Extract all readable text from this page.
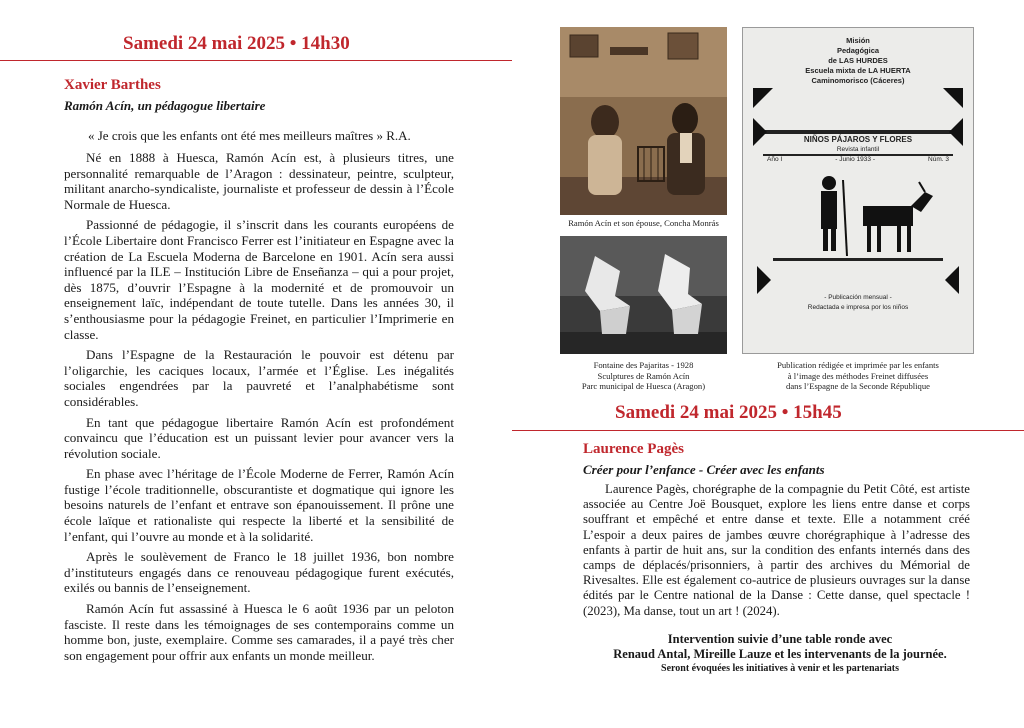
Samedi 24 mai 2025 • 14h30
Xavier Barthes
Ramón Acín, un pédagogue libertaire
« Je crois que les enfants ont été mes meilleurs maîtres » R.A.

Né en 1888 à Huesca, Ramón Acín est, à plusieurs titres, une personnalité remarquable de l’Aragon : dessinateur, peintre, sculpteur, militant anarcho-syndicaliste, journaliste et professeur de dessin à l’École Normale de Huesca.

Passionné de pédagogie, il s’inscrit dans les courants européens de l’École Libertaire dont Francisco Ferrer est l’initiateur en Espagne avec la création de La Escuela Moderna de Barcelone en 1901. Acín sera aussi influencé par la ILE – Institución Libre de Enseñanza – qui a pour projet, dès 1875, d’ouvrir l’Espagne à la modernité et de promouvoir un enseignement laïc, indépendant de toute tutelle. Dans les années 30, il s’enthousiasme pour la pédagogie Freinet, en particulier l’Imprimerie en classe.

Dans l’Espagne de la Restauración le pouvoir est détenu par l’oligarchie, les caciques locaux, l’armée et l’Église. Les inégalités sociales engendrées par la pauvreté et l’analphabétisme sont considérables.

En tant que pédagogue libertaire Ramón Acín est profondément convaincu que l’éducation est un puissant levier pour avancer vers la révolution sociale.

En phase avec l’héritage de l’École Moderne de Ferrer, Ramón Acín fustige l’école traditionnelle, obscurantiste et dogmatique qui ignore les besoins naturels de l’enfant et entrave son épanouissement. Il prône une école laïque et rationaliste qui respecte la liberté et la sensibilité de l’enfant, qui l’ouvre au monde et à la solidarité.

Après le soulèvement de Franco le 18 juillet 1936, bon nombre d’instituteurs engagés dans ce renouveau pédagogique furent exécutés, exilés ou bannis de l’enseignement.

Ramón Acín fut assassiné à Huesca le 6 août 1936 par un peloton fasciste. Il reste dans les témoignages de ses contemporains comme un homme bon, juste, exemplaire. Comme ses camarades, il a payé très cher son engagement pour offrir aux enfants un monde meilleur.

Ramón Acín et son épouse, Concha Monrás
Fontaine des Pajaritas - 1928
Sculptures de Ramón Acín
Parc municipal de Huesca (Aragon)
Misión
Pedagógica
de LAS HURDES
Escuela mixta de LA HUERTA
Caminomorisco (Cáceres)
NIÑOS PÁJAROS Y FLORES
Revista infantil
Año I	- Junio 1933 -	Núm. 3
- Publicación mensual -
Redactada e impresa por los niños
Publication rédigée et imprimée par les enfants
à l’image des méthodes Freinet diffusées
dans l’Espagne de la Seconde République
Samedi 24 mai 2025 • 15h45
Laurence Pagès
Créer pour l’enfance - Créer avec les enfants

Laurence Pagès, chorégraphe de la compagnie du Petit Côté, est artiste associée au Centre Joë Bousquet, explore les liens entre danse et corps souffrant et empêché et entre danse et texte. Elle a notamment créé L’espoir a deux paires de jambes œuvre chorégraphique à l’adresse des enfants à partir de huit ans, sur la condition des enfants internés dans des camps de déplacés/prisonniers, à partir des archives du Mémorial de Rivesaltes. Elle est également co-autrice de plusieurs ouvrages sur la danse édités par le Centre national de la Danse : Cette danse, quel spectacle ! (2023), Ma danse, tout un art ! (2024).

Intervention suivie d’une table ronde avec
Renaud Antal, Mireille Lauze et les intervenants de la journée.
Seront évoquées les initiatives à venir et les partenariats
